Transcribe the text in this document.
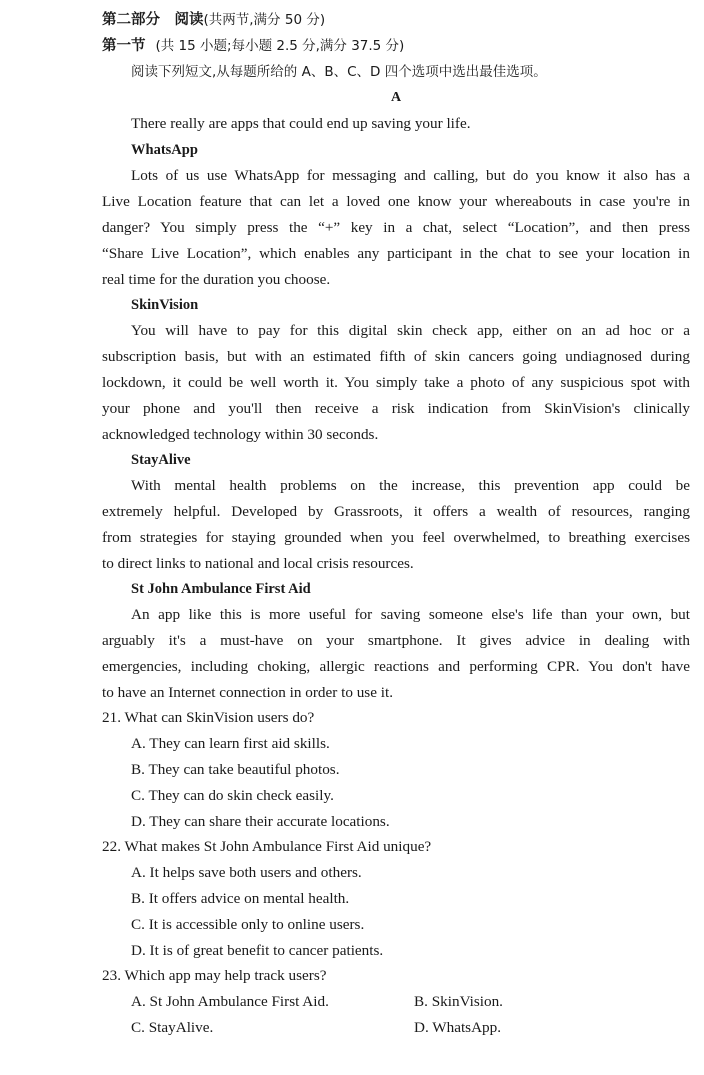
第二部分　阅读(共两节,满分 50 分)
第一节 (共 15 小题;每小题 2.5 分,满分 37.5 分)
阅读下列短文,从每题所给的 A、B、C、D 四个选项中选出最佳选项。
A
There really are apps that could end up saving your life.
WhatsApp
Lots of us use WhatsApp for messaging and calling, but do you know it also has a
Live Location feature that can let a loved one know your whereabouts in case you're in
danger? You simply press the “+” key in a chat, select “Location”, and then press
“Share Live Location”, which enables any participant in the chat to see your location in
real time for the duration you choose.
SkinVision
You will have to pay for this digital skin check app, either on an ad hoc or a
subscription basis, but with an estimated fifth of skin cancers going undiagnosed during
lockdown, it could be well worth it. You simply take a photo of any suspicious spot with
your phone and you'll then receive a risk indication from SkinVision's clinically
acknowledged technology within 30 seconds.
StayAlive
With mental health problems on the increase, this prevention app could be
extremely helpful. Developed by Grassroots, it offers a wealth of resources, ranging
from strategies for staying grounded when you feel overwhelmed, to breathing exercises
to direct links to national and local crisis resources.
St John Ambulance First Aid
An app like this is more useful for saving someone else's life than your own, but
arguably it's a must-have on your smartphone. It gives advice in dealing with
emergencies, including choking, allergic reactions and performing CPR. You don't have
to have an Internet connection in order to use it.
21. What can SkinVision users do?
A. They can learn first aid skills.
B. They can take beautiful photos.
C. They can do skin check easily.
D. They can share their accurate locations.
22. What makes St John Ambulance First Aid unique?
A. It helps save both users and others.
B. It offers advice on mental health.
C. It is accessible only to online users.
D. It is of great benefit to cancer patients.
23. Which app may help track users?
A. St John Ambulance First Aid.	B. SkinVision.
C. StayAlive.	D. WhatsApp.
